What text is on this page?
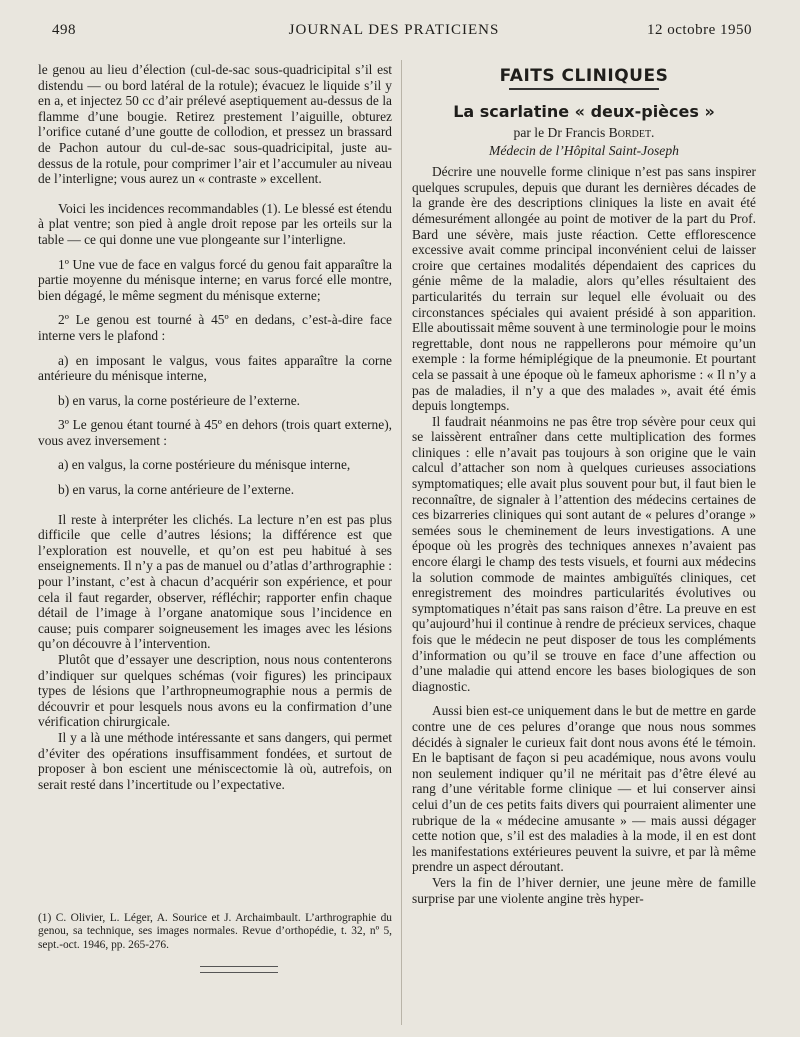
498	JOURNAL DES PRATICIENS	12 octobre 1950

le genou au lieu d’élection (cul-de-sac sous-quadricipital s’il est distendu — ou bord latéral de la rotule); évacuez le liquide s’il y en a, et injectez 50 cc d’air prélevé aseptiquement au-dessus de la flamme d’une bougie. Retirez prestement l’aiguille, obturez l’orifice cutané d’une goutte de collodion, et pressez un brassard de Pachon autour du cul-de-sac sous-quadricipital, juste au-dessus de la rotule, pour comprimer l’air et l’accumuler au niveau de l’interligne; vous aurez un « contraste » excellent.

Voici les incidences recommandables (1). Le blessé est étendu à plat ventre; son pied à angle droit repose par les orteils sur la table — ce qui donne une vue plongeante sur l’interligne.

1º Une vue de face en valgus forcé du genou fait apparaître la partie moyenne du ménisque interne; en varus forcé elle montre, bien dégagé, le même segment du ménisque externe;

2º Le genou est tourné à 45º en dedans, c’est-à-dire face interne vers le plafond :

a) en imposant le valgus, vous faites apparaître la corne antérieure du ménisque interne,

b) en varus, la corne postérieure de l’externe.

3º Le genou étant tourné à 45º en dehors (trois quart externe), vous avez inversement :

a) en valgus, la corne postérieure du ménisque interne,

b) en varus, la corne antérieure de l’externe.

Il reste à interpréter les clichés. La lecture n’en est pas plus difficile que celle d’autres lésions; la différence est que l’exploration est nouvelle, et qu’on est peu habitué à ses enseignements. Il n’y a pas de manuel ou d’atlas d’arthrographie : pour l’instant, c’est à chacun d’acquérir son expérience, et pour cela il faut regarder, observer, réfléchir; rapporter enfin chaque détail de l’image à l’organe anatomique sous l’incidence en cause; puis comparer soigneusement les images avec les lésions qu’on découvre à l’intervention.

Plutôt que d’essayer une description, nous nous contenterons d’indiquer sur quelques schémas (voir figures) les principaux types de lésions que l’arthropneumographie nous a permis de découvrir et pour lesquels nous avons eu la confirmation d’une vérification chirurgicale.

Il y a là une méthode intéressante et sans dangers, qui permet d’éviter des opérations insuffisamment fondées, et surtout de proposer à bon escient une méniscectomie là où, autrefois, on serait resté dans l’incertitude ou l’expectative.

(1) C. Olivier, L. Léger, A. Sourice et J. Archaimbault. L’arthrographie du genou, sa technique, ses images normales. Revue d’orthopédie, t. 32, nº 5, sept.-oct. 1946, pp. 265-276.

FAITS CLINIQUES
La scarlatine « deux-pièces »

par le Dr Francis Bordet.

Médecin de l’Hôpital Saint-Joseph

Décrire une nouvelle forme clinique n’est pas sans inspirer quelques scrupules, depuis que durant les dernières décades de la grande ère des descriptions cliniques la liste en avait été démesurément allongée au point de motiver de la part du Prof. Bard une sévère, mais juste réaction. Cette efflorescence excessive avait comme principal inconvénient celui de laisser croire que certaines modalités dépendaient des caprices du génie même de la maladie, alors qu’elles résultaient des particularités du terrain sur lequel elle évoluait ou des circonstances spéciales qui avaient présidé à son apparition. Elle aboutissait même souvent à une terminologie pour le moins regrettable, dont nous ne rappellerons pour mémoire qu’un exemple : la forme hémiplégique de la pneumonie. Et pourtant cela se passait à une époque où le fameux aphorisme : « Il n’y a pas de maladies, il n’y a que des malades », avait été émis depuis longtemps.

Il faudrait néanmoins ne pas être trop sévère pour ceux qui se laissèrent entraîner dans cette multiplication des formes cliniques : elle n’avait pas toujours à son origine que le vain calcul d’attacher son nom à quelques curieuses associations symptomatiques; elle avait plus souvent pour but, il faut bien le reconnaître, de signaler à l’attention des médecins certaines de ces bizarreries cliniques qui sont autant de « pelures d’orange » semées sous le cheminement de leurs investigations. A une époque où les progrès des techniques annexes n’avaient pas encore élargi le champ des tests visuels, et fourni aux médecins la solution commode de maintes ambiguïtés cliniques, cet enregistrement des moindres particularités évolutives ou symptomatiques n’était pas sans raison d’être. La preuve en est qu’aujourd’hui il continue à rendre de précieux services, chaque fois que le médecin ne peut disposer de tous les compléments d’information ou qu’il se trouve en face d’une affection ou d’une maladie qui attend encore les bases biologiques de son diagnostic.

Aussi bien est-ce uniquement dans le but de mettre en garde contre une de ces pelures d’orange que nous nous sommes décidés à signaler le curieux fait dont nous avons été le témoin. En le baptisant de façon si peu académique, nous avons voulu non seulement indiquer qu’il ne méritait pas d’être élevé au rang d’une véritable forme clinique — et lui conserver ainsi celui d’un de ces petits faits divers qui pourraient alimenter une rubrique de la « médecine amusante » — mais aussi dégager cette notion que, s’il est des maladies à la mode, il en est dont les manifestations extérieures peuvent la suivre, et par là même prendre un aspect déroutant.

Vers la fin de l’hiver dernier, une jeune mère de famille surprise par une violente angine très hyper-
